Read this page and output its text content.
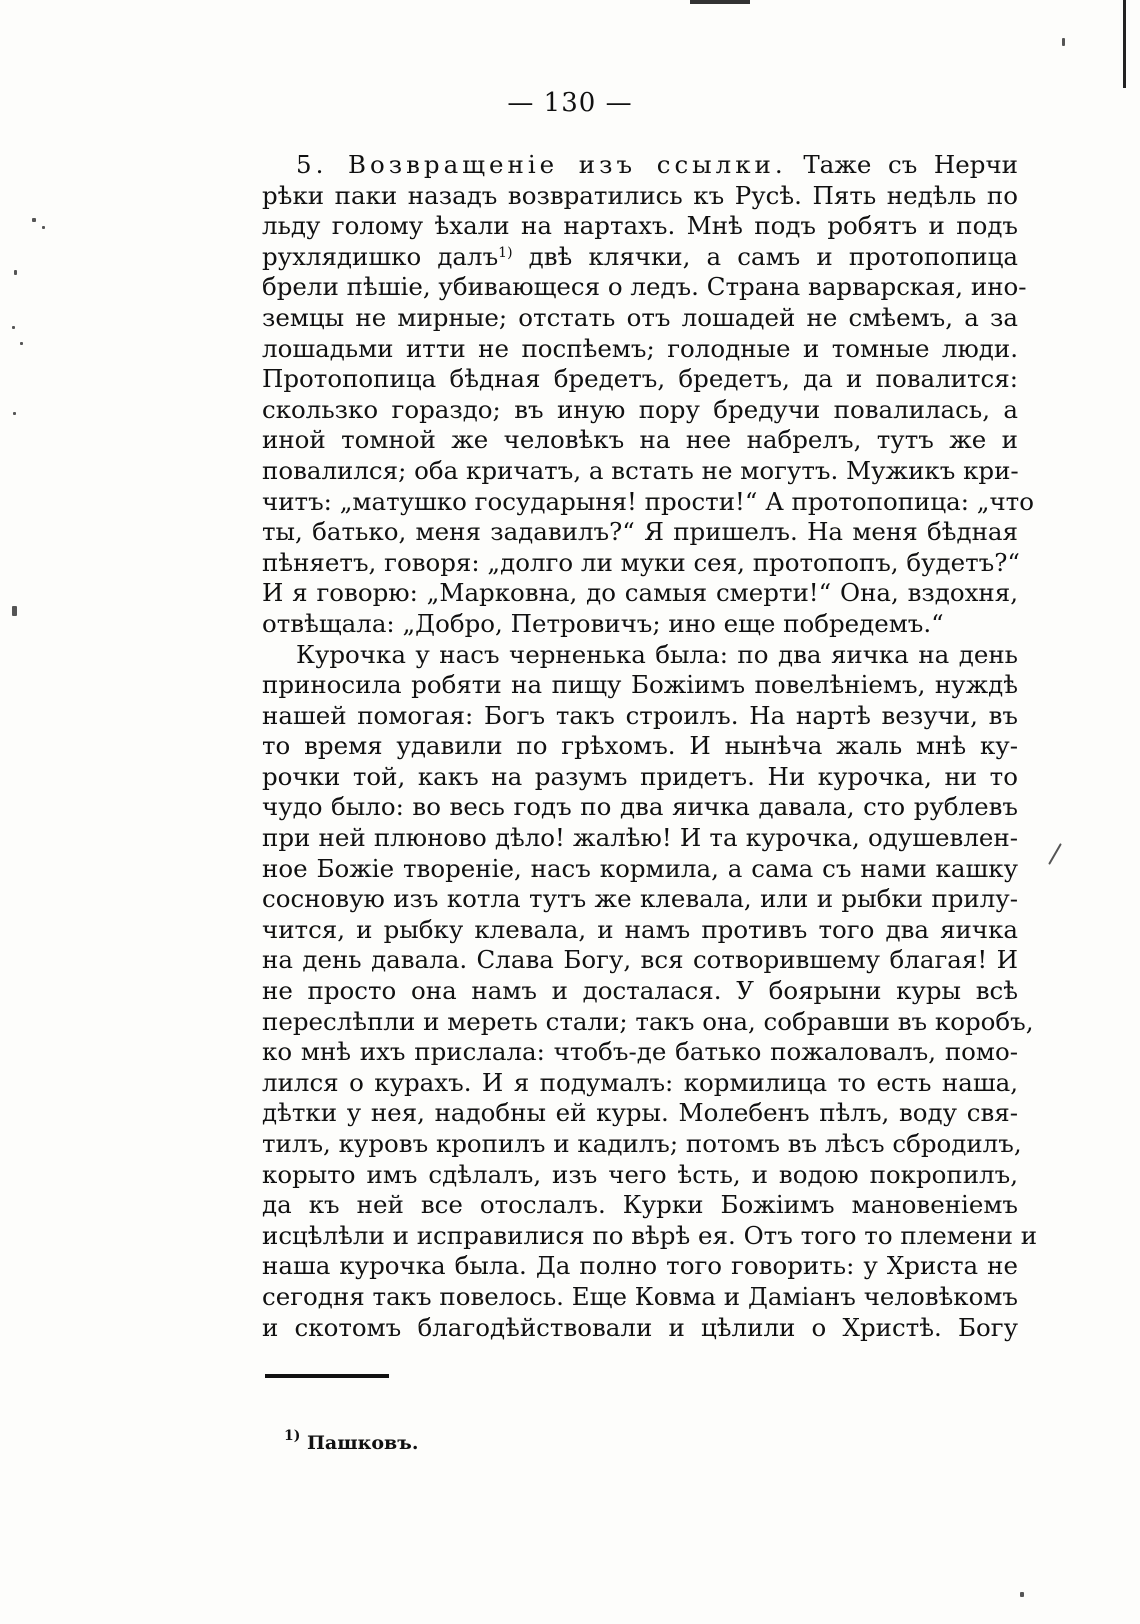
— 130 —
5. Возвращеніе изъ ссылки. Таже съ Нерчи
рѣки паки назадъ возвратились къ Русѣ. Пять недѣль по
льду голому ѣхали на нартахъ. Мнѣ подъ робятъ и подъ
рухлядишко далъ$^{1)}$ двѣ клячки, а самъ и протопопица
брели пѣшіе, убивающеся о ледъ. Страна варварская, ино-
земцы не мирные; отстать отъ лошадей не смѣемъ, а за
лошадьми итти не поспѣемъ; голодные и томные люди.
Протопопица бѣдная бредетъ, бредетъ, да и повалится:
скользко гораздо; въ иную пору бредучи повалилась, а
иной томной же человѣкъ на нее набрелъ, тутъ же и
повалился; оба кричатъ, а встать не могутъ. Мужикъ кри-
читъ: „матушко государыня! прости!“ А протопопица: „что
ты, батько, меня задавилъ?“ Я пришелъ. На меня бѣдная
пѣняетъ, говоря: „долго ли муки сея, протопопъ, будетъ?“
И я говорю: „Марковна, до самыя смерти!“ Она, вздохня,
отвѣщала: „Добро, Петровичъ; ино еще побредемъ.“
Курочка у насъ черненька была: по два яичка на день
приносила робяти на пищу Божіимъ повелѣніемъ, нуждѣ
нашей помогая: Богъ такъ строилъ. На нартѣ везучи, въ
то время удавили по грѣхомъ. И нынѣча жаль мнѣ ку-
рочки той, какъ на разумъ придетъ. Ни курочка, ни то
чудо было: во весь годъ по два яичка давала, сто рублевъ
при ней плюново дѣло! жалѣю! И та курочка, одушевлен-
ное Божіе твореніе, насъ кормила, а сама съ нами кашку
сосновую изъ котла тутъ же клевала, или и рыбки прилу-
чится, и рыбку клевала, и намъ противъ того два яичка
на день давала. Слава Богу, вся сотворившему благая! И
не просто она намъ и досталася. У боярыни куры всѣ
переслѣпли и мереть стали; такъ она, собравши въ коробъ,
ко мнѣ ихъ прислала: чтобъ-де батько пожаловалъ, помо-
лился о курахъ. И я подумалъ: кормилица то есть наша,
дѣтки у нея, надобны ей куры. Молебенъ пѣлъ, воду свя-
тилъ, куровъ кропилъ и кадилъ; потомъ въ лѣсъ сбродилъ,
корыто имъ сдѣлалъ, изъ чего ѣсть, и водою покропилъ,
да къ ней все отослалъ. Курки Божіимъ мановеніемъ
исцѣлѣли и исправилися по вѣрѣ ея. Отъ того то племени и
наша курочка была. Да полно того говорить: у Христа не
сегодня такъ повелось. Еще Ковма и Даміанъ человѣкомъ
и скотомъ благодѣйствовали и цѣлили о Христѣ. Богу
$^{1)}$ Пашковъ.
